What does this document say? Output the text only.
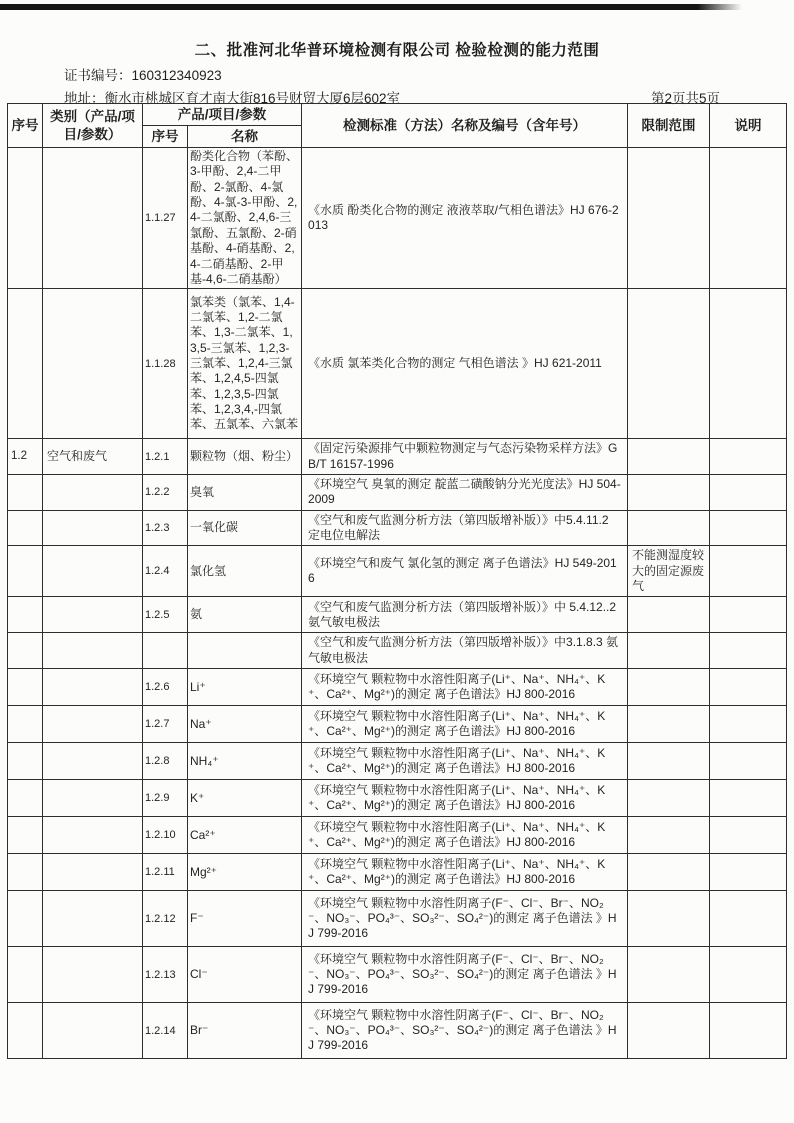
二、批准河北华普环境检测有限公司 检验检测的能力范围
证书编号：160312340923
地址：衡水市桃城区育才南大街816号财贸大厦6层602室	第2页共5页
序号	类别（产品/项目/参数）	产品/项目/参数		检测标准（方法）名称及编号（含年号）	限制范围	说明
		序号	名称			
		1.1.27	酚类化合物（苯酚、3-甲酚、2,4-二甲酚、2-氯酚、4-氯酚、4-氯-3-甲酚、2,4-二氯酚、2,4,6-三氯酚、五氯酚、2-硝基酚、4-硝基酚、2,4-二硝基酚、2-甲基-4,6-二硝基酚）	《水质 酚类化合物的测定 液液萃取/气相色谱法》HJ 676-2013		
		1.1.28	氯苯类（氯苯、1,4-二氯苯、1,2-二氯苯、1,3-二氯苯、1,3,5-三氯苯、1,2,3-三氯苯、1,2,4-三氯苯、1,2,4,5-四氯苯、1,2,3,5-四氯苯、1,2,3,4,-四氯苯、五氯苯、六氯苯	《水质 氯苯类化合物的测定 气相色谱法 》HJ 621-2011		
1.2	空气和废气	1.2.1	颗粒物（烟、粉尘）	《固定污染源排气中颗粒物测定与气态污染物采样方法》GB/T 16157-1996		
		1.2.2	臭氧	《环境空气 臭氧的测定 靛蓝二磺酸钠分光光度法》HJ 504-2009		
		1.2.3	一氧化碳	《空气和废气监测分析方法（第四版增补版）》中5.4.11.2 定电位电解法		
		1.2.4	氯化氢	《环境空气和废气 氯化氢的测定 离子色谱法》HJ 549-2016	不能测湿度较大的固定源废气	
		1.2.5	氨	《空气和废气监测分析方法（第四版增补版）》中 5.4.12..2 氨气敏电极法		
				《空气和废气监测分析方法（第四版增补版）》中3.1.8.3 氨气敏电极法		
		1.2.6	Li⁺	《环境空气 颗粒物中水溶性阳离子(Li⁺、Na⁺、NH₄⁺、K⁺、Ca²⁺、Mg²⁺)的测定 离子色谱法》HJ 800-2016		
		1.2.7	Na⁺	《环境空气 颗粒物中水溶性阳离子(Li⁺、Na⁺、NH₄⁺、K⁺、Ca²⁺、Mg²⁺)的测定 离子色谱法》HJ 800-2016		
		1.2.8	NH₄⁺	《环境空气 颗粒物中水溶性阳离子(Li⁺、Na⁺、NH₄⁺、K⁺、Ca²⁺、Mg²⁺)的测定 离子色谱法》HJ 800-2016		
		1.2.9	K⁺	《环境空气 颗粒物中水溶性阳离子(Li⁺、Na⁺、NH₄⁺、K⁺、Ca²⁺、Mg²⁺)的测定 离子色谱法》HJ 800-2016		
		1.2.10	Ca²⁺	《环境空气 颗粒物中水溶性阳离子(Li⁺、Na⁺、NH₄⁺、K⁺、Ca²⁺、Mg²⁺)的测定 离子色谱法》HJ 800-2016		
		1.2.11	Mg²⁺	《环境空气 颗粒物中水溶性阳离子(Li⁺、Na⁺、NH₄⁺、K⁺、Ca²⁺、Mg²⁺)的测定 离子色谱法》HJ 800-2016		
		1.2.12	F⁻	《环境空气 颗粒物中水溶性阴离子(F⁻、Cl⁻、Br⁻、NO₂⁻、NO₃⁻、PO₄³⁻、SO₃²⁻、SO₄²⁻)的测定 离子色谱法 》HJ 799-2016		
		1.2.13	Cl⁻	《环境空气 颗粒物中水溶性阴离子(F⁻、Cl⁻、Br⁻、NO₂⁻、NO₃⁻、PO₄³⁻、SO₃²⁻、SO₄²⁻)的测定 离子色谱法 》HJ 799-2016		
		1.2.14	Br⁻	《环境空气 颗粒物中水溶性阴离子(F⁻、Cl⁻、Br⁻、NO₂⁻、NO₃⁻、PO₄³⁻、SO₃²⁻、SO₄²⁻)的测定 离子色谱法 》HJ 799-2016		
